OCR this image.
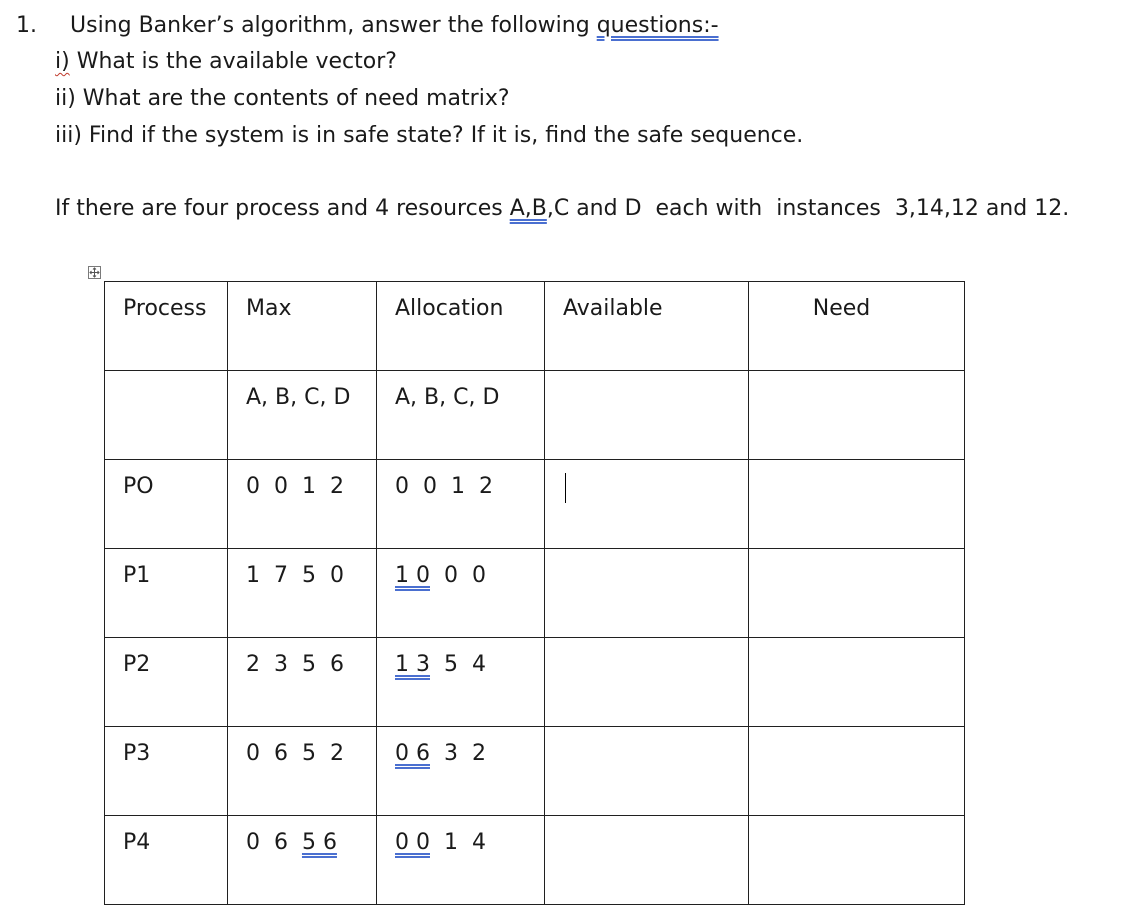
1. Using Banker’s algorithm, answer the following questions:-
i) What is the available vector?
ii) What are the contents of need matrix?
iii) Find if the system is in safe state? If it is, find the safe sequence.
If there are four process and 4 resources A,B,C and D  each with  instances  3,14,12 and 12.
Process	Max	Allocation	Available	Need
	A, B, C, D	A, B, C, D		
PO	0  0  1  2	0  0  1  2		
P1	1  7  5  0	1 0  0  0		
P2	2  3  5  6	1 3  5  4		
P3	0  6  5  2	0 6  3  2		
P4	0  6  5 6	0 0  1  4		
